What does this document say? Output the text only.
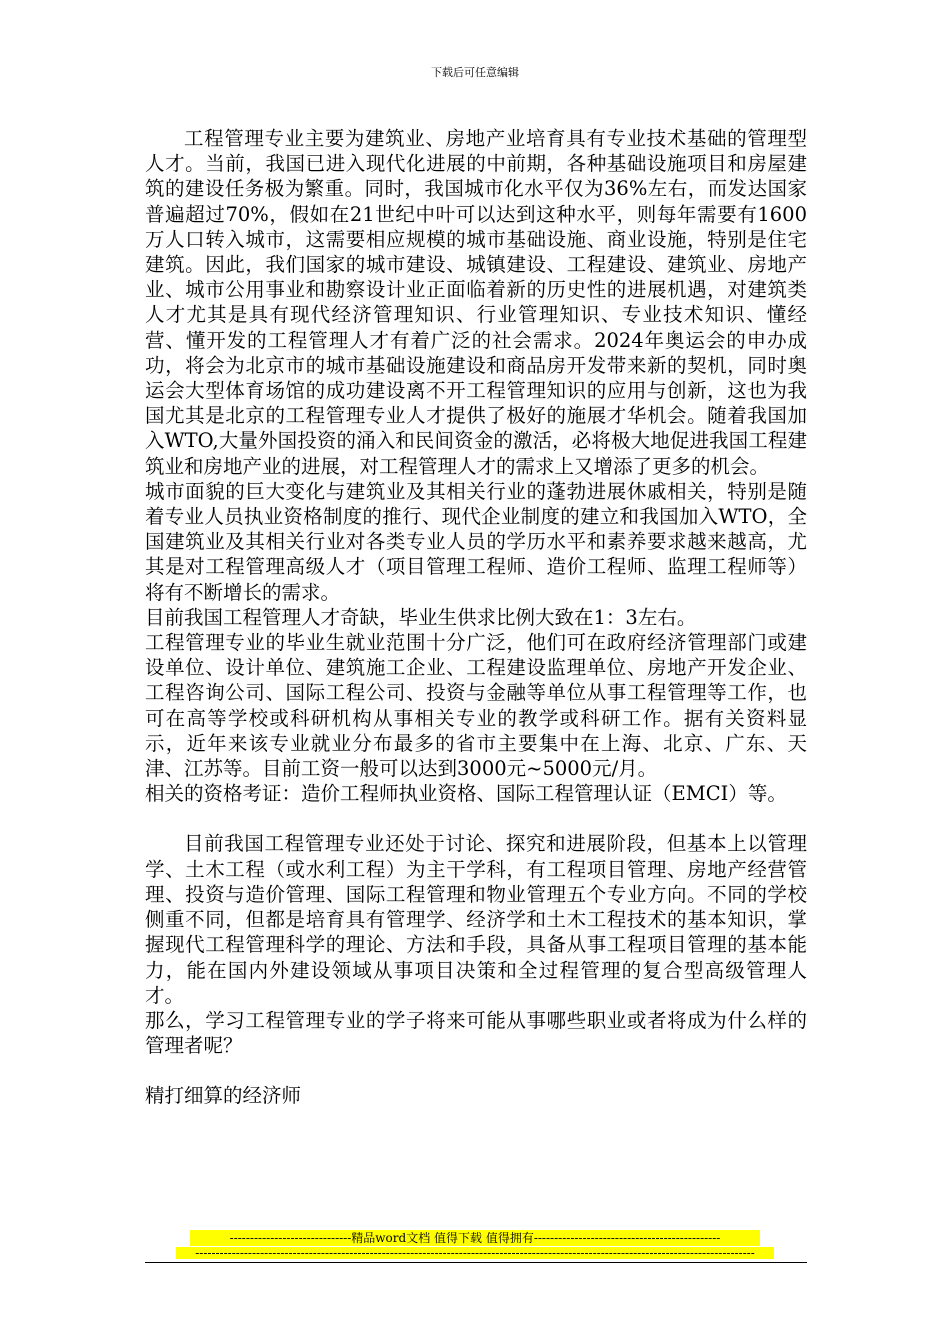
下载后可任意编辑

工程管理专业主要为建筑业、房地产业培育具有专业技术基础的管理型人才。当前，我国已进入现代化进展的中前期，各种基础设施项目和房屋建筑的建设任务极为繁重。同时，我国城市化水平仅为36%左右，而发达国家普遍超过70%，假如在21世纪中叶可以达到这种水平，则每年需要有1600万人口转入城市，这需要相应规模的城市基础设施、商业设施，特别是住宅建筑。因此，我们国家的城市建设、城镇建设、工程建设、建筑业、房地产业、城市公用事业和勘察设计业正面临着新的历史性的进展机遇，对建筑类人才尤其是具有现代经济管理知识、行业管理知识、专业技术知识、懂经营、懂开发的工程管理人才有着广泛的社会需求。2024年奥运会的申办成功，将会为北京市的城市基础设施建设和商品房开发带来新的契机，同时奥运会大型体育场馆的成功建设离不开工程管理知识的应用与创新，这也为我国尤其是北京的工程管理专业人才提供了极好的施展才华机会。随着我国加入WTO,大量外国投资的涌入和民间资金的激活，必将极大地促进我国工程建筑业和房地产业的进展，对工程管理人才的需求上又增添了更多的机会。

城市面貌的巨大变化与建筑业及其相关行业的蓬勃进展休戚相关，特别是随着专业人员执业资格制度的推行、现代企业制度的建立和我国加入WTO，全国建筑业及其相关行业对各类专业人员的学历水平和素养要求越来越高，尤其是对工程管理高级人才（项目管理工程师、造价工程师、监理工程师等）将有不断增长的需求。

目前我国工程管理人才奇缺，毕业生供求比例大致在1：3左右。

工程管理专业的毕业生就业范围十分广泛，他们可在政府经济管理部门或建设单位、设计单位、建筑施工企业、工程建设监理单位、房地产开发企业、工程咨询公司、国际工程公司、投资与金融等单位从事工程管理等工作，也可在高等学校或科研机构从事相关专业的教学或科研工作。据有关资料显示，近年来该专业就业分布最多的省市主要集中在上海、北京、广东、天津、江苏等。目前工资一般可以达到3000元~5000元/月。

相关的资格考证：造价工程师执业资格、国际工程管理认证（EMCI）等。

目前我国工程管理专业还处于讨论、探究和进展阶段，但基本上以管理学、土木工程（或水利工程）为主干学科，有工程项目管理、房地产经营管理、投资与造价管理、国际工程管理和物业管理五个专业方向。不同的学校侧重不同，但都是培育具有管理学、经济学和土木工程技术的基本知识，掌握现代工程管理科学的理论、方法和手段，具备从事工程项目管理的基本能力，能在国内外建设领域从事项目决策和全过程管理的复合型高级管理人才。

那么，学习工程管理专业的学子将来可能从事哪些职业或者将成为什么样的管理者呢？

精打细算的经济师

------------------------------精品word文档 值得下载 值得拥有----------------------------------------------
------------------------------------------------------------------------------------------------------------------------------------------
